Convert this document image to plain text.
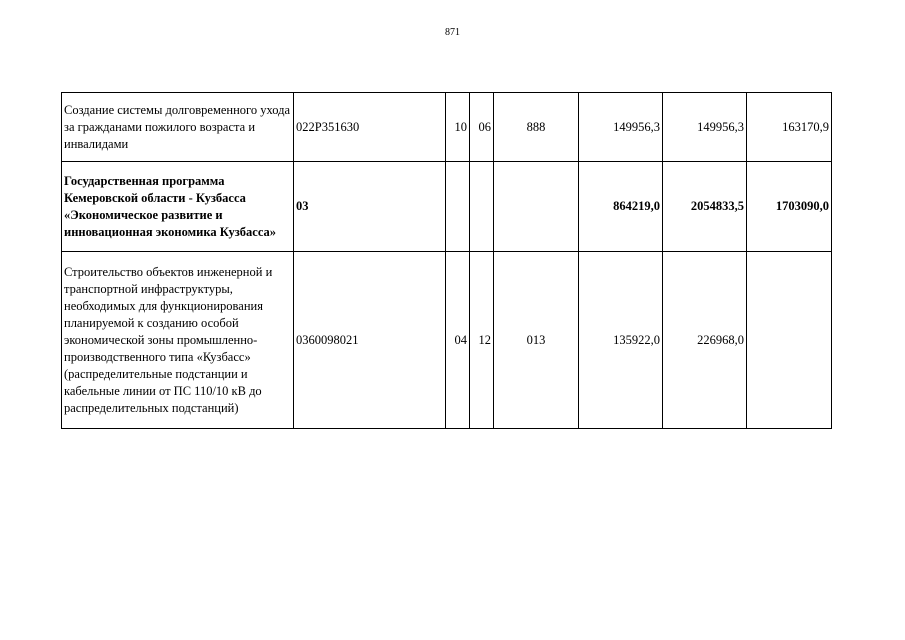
871
Создание системы долговременного ухода за гражданами пожилого возраста и инвалидами	022P351630	10	06	888	149956,3	149956,3	163170,9
Государственная программа Кемеровской области - Кузбасса «Экономическое развитие и инновационная экономика Кузбасса»	03				864219,0	2054833,5	1703090,0
Строительство объектов инженерной и транспортной инфраструктуры, необходимых для функционирования планируемой к созданию особой экономической зоны промышленно-производственного типа «Кузбасс» (распределительные подстанции и кабельные линии от ПС 110/10 кВ до распределительных подстанций)	0360098021	04	12	013	135922,0	226968,0	
